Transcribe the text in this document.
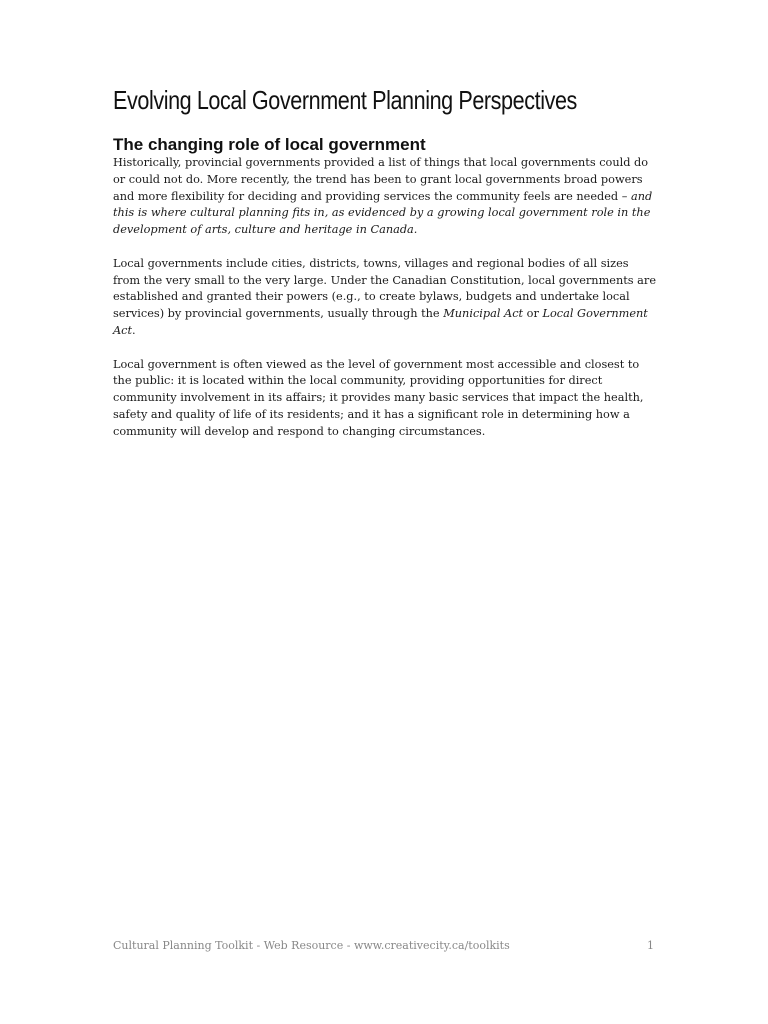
Evolving Local Government Planning Perspectives
The changing role of local government

Historically, provincial governments provided a list of things that local governments could do or could not do. More recently, the trend has been to grant local governments broad powers and more flexibility for deciding and providing services the community feels are needed – and this is where cultural planning fits in, as evidenced by a growing local government role in the development of arts, culture and heritage in Canada.

Local governments include cities, districts, towns, villages and regional bodies of all sizes from the very small to the very large. Under the Canadian Constitution, local governments are established and granted their powers (e.g., to create bylaws, budgets and undertake local services) by provincial governments, usually through the Municipal Act or Local Government Act.

Local government is often viewed as the level of government most accessible and closest to the public: it is located within the local community, providing opportunities for direct community involvement in its affairs; it provides many basic services that impact the health, safety and quality of life of its residents; and it has a significant role in determining how a community will develop and respond to changing circumstances.

Cultural Planning Toolkit - Web Resource - www.creativecity.ca/toolkits	1
